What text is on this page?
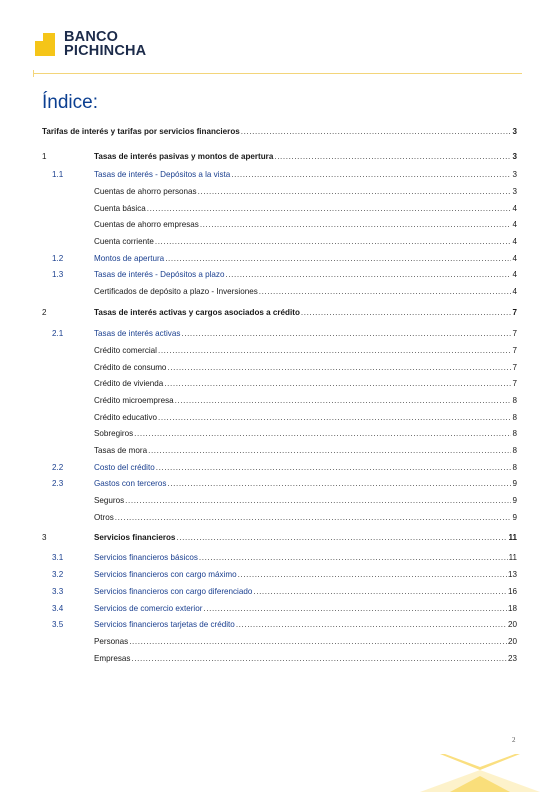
BANCO
PICHINCHA
Índice:
Tarifas de interés y tarifas por servicios financieros .....	3
1	Tasas de interés pasivas y montos de apertura .....	3
1.1	Tasas de interés - Depósitos a la vista .....	3
Cuentas de ahorro personas .....	3
Cuenta básica .....	4
Cuentas de ahorro empresas .....	4
Cuenta corriente .....	4
1.2	Montos de apertura .....	4
1.3	Tasas de interés - Depósitos a plazo .....	4
Certificados de depósito a plazo - Inversiones .....	4
2	Tasas de interés activas y cargos asociados a crédito .....	7
2.1	Tasas de interés activas .....	7
Crédito comercial .....	7
Crédito de consumo .....	7
Crédito de vivienda .....	7
Crédito microempresa .....	8
Crédito educativo .....	8
Sobregiros .....	8
Tasas de mora .....	8
2.2	Costo del crédito .....	8
2.3	Gastos con terceros .....	9
Seguros .....	9
Otros .....	9
3	Servicios financieros .....	11
3.1	Servicios financieros básicos .....	11
3.2	Servicios financieros con cargo máximo .....	13
3.3	Servicios financieros con cargo diferenciado .....	16
3.4	Servicios de comercio exterior .....	18
3.5	Servicios financieros tarjetas de crédito .....	20
Personas .....	20
Empresas .....	23
2
